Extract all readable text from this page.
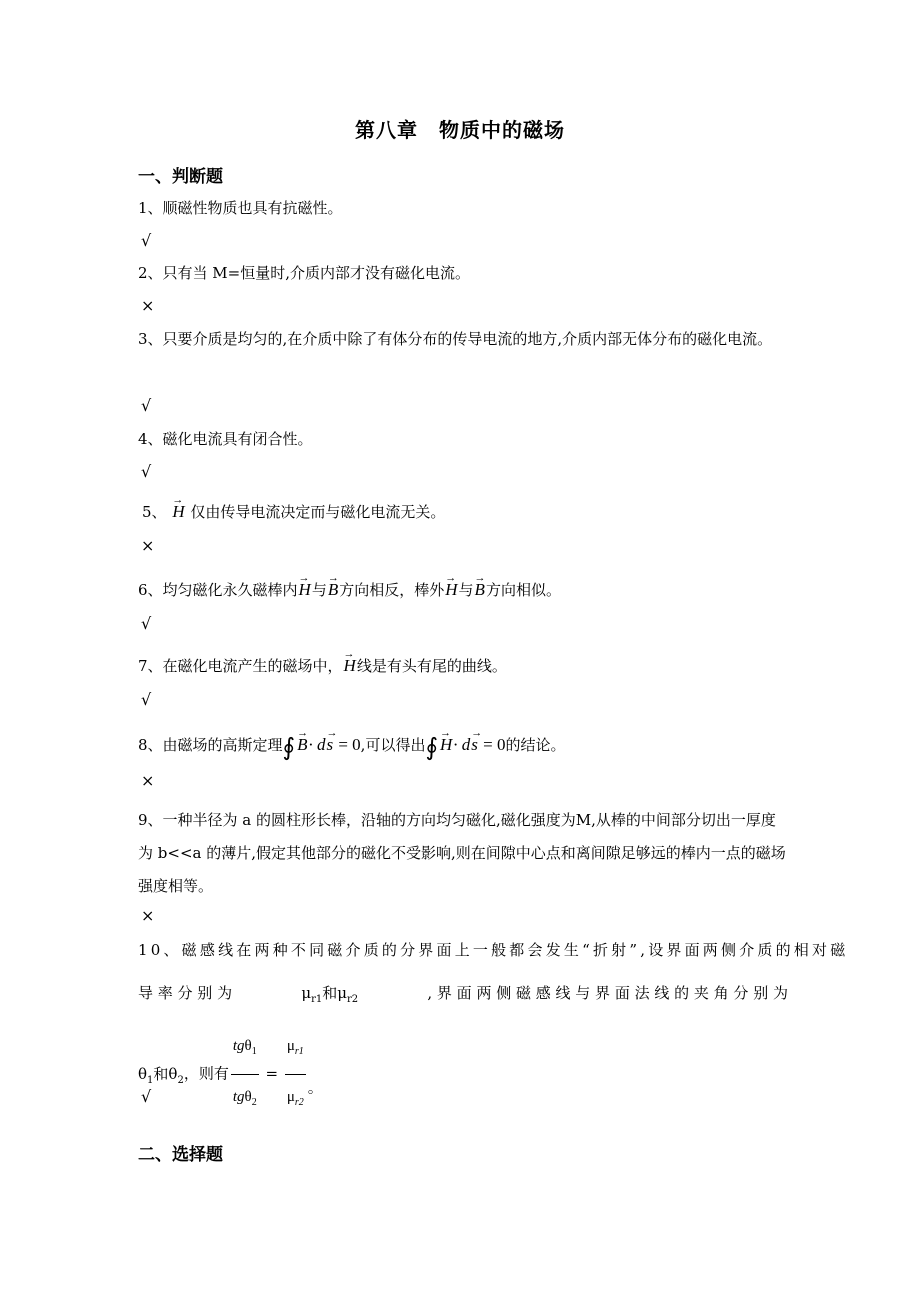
第八章　物质中的磁场
一、判断题
1、顺磁性物质也具有抗磁性。
√
2、只有当 M=恒量时,介质内部才没有磁化电流。
×
3、只要介质是均匀的,在介质中除了有体分布的传导电流的地方,介质内部无体分布的磁化电流。
√
4、磁化电流具有闭合性。
√
5、 → H 仅由传导电流决定而与磁化电流无关。
×
6、均匀磁化永久磁棒内→ H与→ B方向相反，棒外→ H与→ B方向相似。
√
7、在磁化电流产生的磁场中，→ H线是有头有尾的曲线。
√
8、由磁场的高斯定理∮ → B· d→ s = 0,可以得出∮ → H· d→ s = 0的结论。
×
9、一种半径为 a 的圆柱形长棒，沿轴的方向均匀磁化,磁化强度为M,从棒的中间部分切出一厚度为 b<<a 的薄片,假定其他部分的磁化不受影响,则在间隙中心点和离间隙足够远的棒内一点的磁场强度相等。
×
10、磁感线在两种不同磁介质的分界面上一般都会发生“折射”,设界面两侧介质的相对磁
导 率 分 别 为	$\mu_{r1}$和$\mu_{r2}$	, 界 面 两 侧 磁 感 线 与 界 面 法 线 的 夹 角 分 别 为
$\theta_1$和$\theta_2$，则有 $\frac{tg\theta_1}{tg\theta_2} = \frac{\mu_{r1}}{\mu_{r2}}$ 。
√
二、选择题
